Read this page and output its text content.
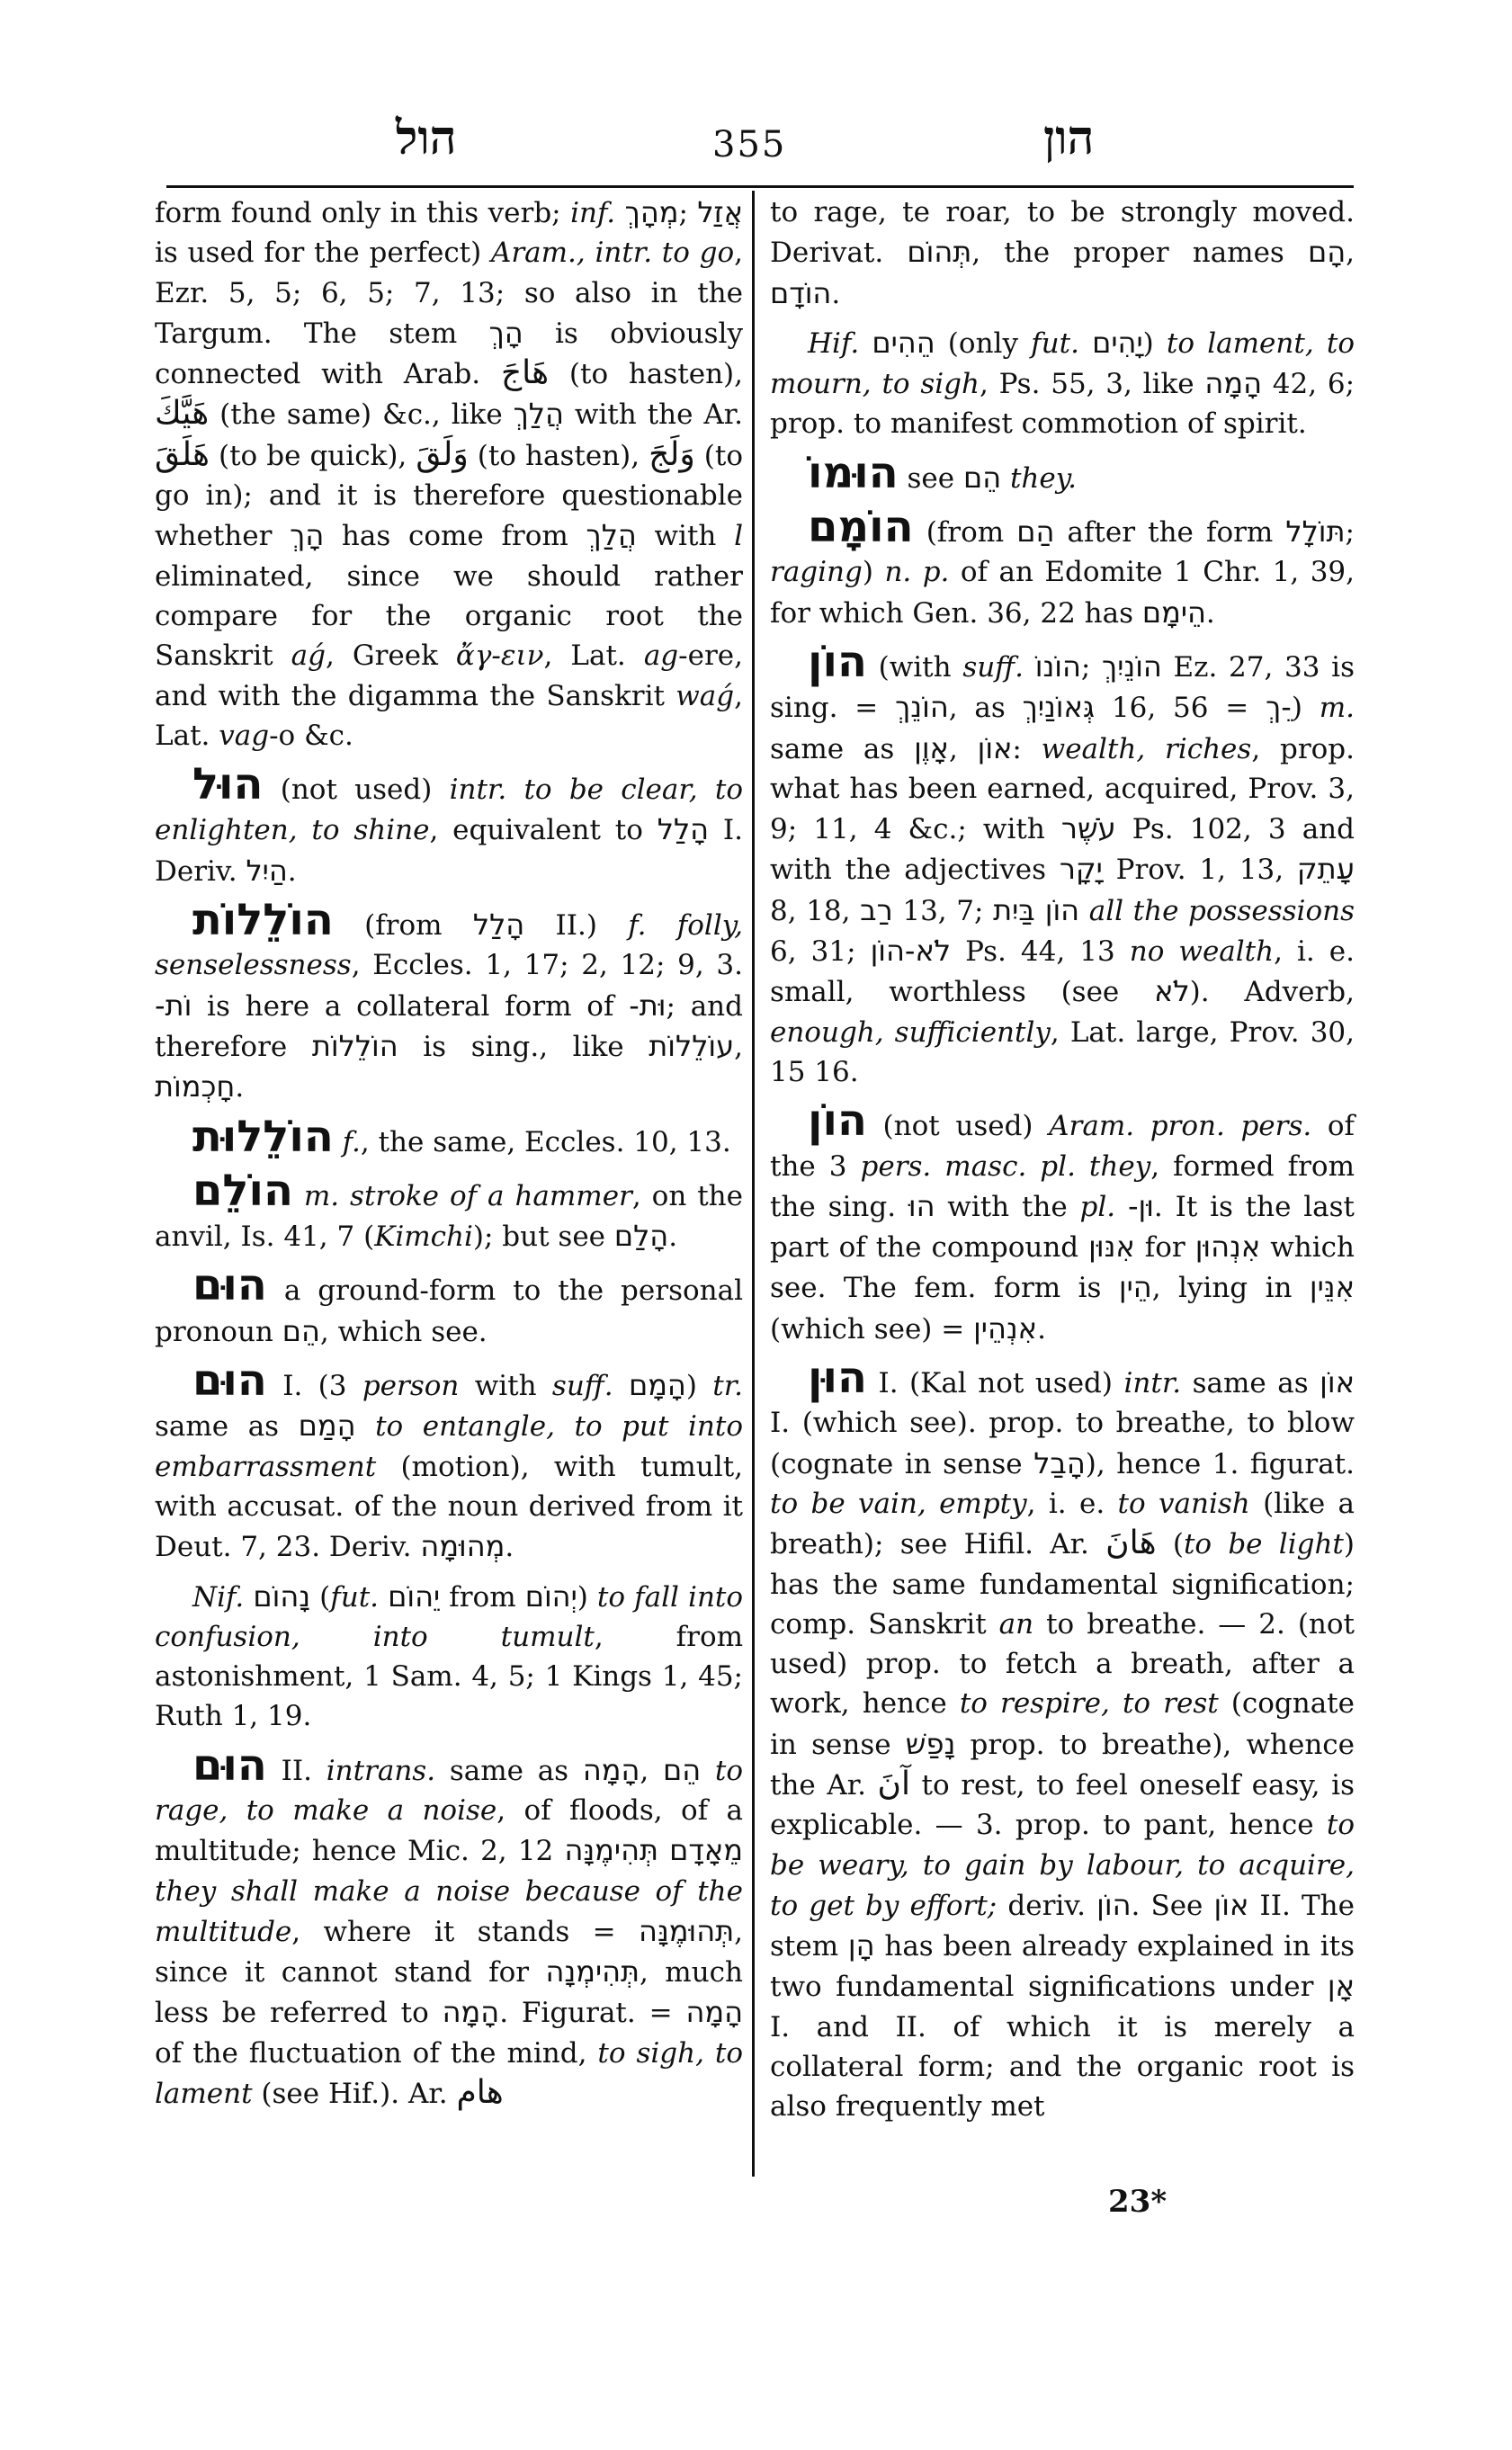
הול	355	הון

form found only in this verb; inf. מְהָךְ; אֲזַל is used for the perfect) Aram., intr. to go, Ezr. 5, 5; 6, 5; 7, 13; so also in the Targum. The stem הָךְ is obviously connected with Arab. هَاجَ (to hasten), هَيَّكَ (the same) &c., like הֲלַךְ with the Ar. هَلَقَ (to be quick), وَلَقَ (to hasten), وَلَجَ (to go in); and it is therefore questionable whether הָךְ has come from הֲלַךְ with l eliminated, since we should rather compare for the organic root the Sanskrit aǵ, Greek ἄγ-ειν, Lat. ag-ere, and with the digamma the Sanskrit waǵ, Lat. vag-o &c.

הוּל (not used) intr. to be clear, to enlighten, to shine, equivalent to הָלַל I. Deriv. הַיִל.

הוֹלֵלוֹת (from הָלַל II.) f. folly, senselessness, Eccles. 1, 17; 2, 12; 9, 3. וֹת- is here a collateral form of וּת-; and therefore הוֹלֵלוֹת is sing., like עוֹלֵלוֹת, חָכְמוֹת.

הוֹלֵלוּת f., the same, Eccles. 10, 13.

הוֹלֵם m. stroke of a hammer, on the anvil, Is. 41, 7 (Kimchi); but see הָלַם.

הוּם a ground-form to the personal pronoun הֵם, which see.

הוּם I. (3 person with suff. הָמָם) tr. same as הָמַם to entangle, to put into embarrassment (motion), with tumult, with accusat. of the noun derived from it Deut. 7, 23. Deriv. מְהוּמָה.

Nif. נָהוֹם (fut. יֵהוֹם from יְהוֹם) to fall into confusion, into tumult, from astonishment, 1 Sam. 4, 5; 1 Kings 1, 45; Ruth 1, 19.

הוּם II. intrans. same as הָמָה, הֵם to rage, to make a noise, of floods, of a multitude; hence Mic. 2, 12 תְּהִימֶנָּה מֵאָדָם they shall make a noise because of the multitude, where it stands = תְּהוּמֶנָּה, since it cannot stand for תְּהִימְנָה, much less be referred to הָמָה. Figurat. = הָמָה of the fluctuation of the mind, to sigh, to lament (see Hif.). Ar. هام

to rage, te roar, to be strongly moved. Derivat. תְּהוֹם, the proper names הָם, הוֹדָם.

Hif. הֵהִים (only fut. יָהִים) to lament, to mourn, to sigh, Ps. 55, 3, like הָמָה 42, 6; prop. to manifest commotion of spirit.

הוּמוֹ see הֵם they.

הוֹמָם (from הַם after the form תּוֹלָל; raging) n. p. of an Edomite 1 Chr. 1, 39, for which Gen. 36, 22 has הֵימָם.

הוֹן (with suff. הוֹנוֹ; הוֹנֵיִךְ Ez. 27, 33 is sing. = הוֹנֵךְ, as גְּאוֹנַיִךְ 16, 56 = -ֵךְ) m. same as אָוֶן, אוֹן: wealth, riches, prop. what has been earned, acquired, Prov. 3, 9; 11, 4 &c.; with עֹשֶׁר Ps. 102, 3 and with the adjectives יָקָר Prov. 1, 13, עָתֵק 8, 18, רַב 13, 7; הוֹן בַּיִת all the possessions 6, 31; לֹא-הוֹן Ps. 44, 13 no wealth, i. e. small, worthless (see לֹא). Adverb, enough, sufficiently, Lat. large, Prov. 30, 15 16.

הוֹן (not used) Aram. pron. pers. of the 3 pers. masc. pl. they, formed from the sing. הוּ with the pl. וּן-. It is the last part of the compound אִנּוּן for אִנְהוּן which see. The fem. form is הֵין, lying in אִנֵּין (which see) = אִנְהֵין.

הוּן I. (Kal not used) intr. same as אוֹן I. (which see). prop. to breathe, to blow (cognate in sense הָבַל), hence 1. figurat. to be vain, empty, i. e. to vanish (like a breath); see Hifil. Ar. هَانَ (to be light) has the same fundamental signification; comp. Sanskrit an to breathe. — 2. (not used) prop. to fetch a breath, after a work, hence to respire, to rest (cognate in sense נָפַשׁ prop. to breathe), whence the Ar. آنَ to rest, to feel oneself easy, is explicable. — 3. prop. to pant, hence to be weary, to gain by labour, to acquire, to get by effort; deriv. הוֹן. See אוֹן II. The stem הָן has been already explained in its two fundamental significations under אָן I. and II. of which it is merely a collateral form; and the organic root is also frequently met

23*
